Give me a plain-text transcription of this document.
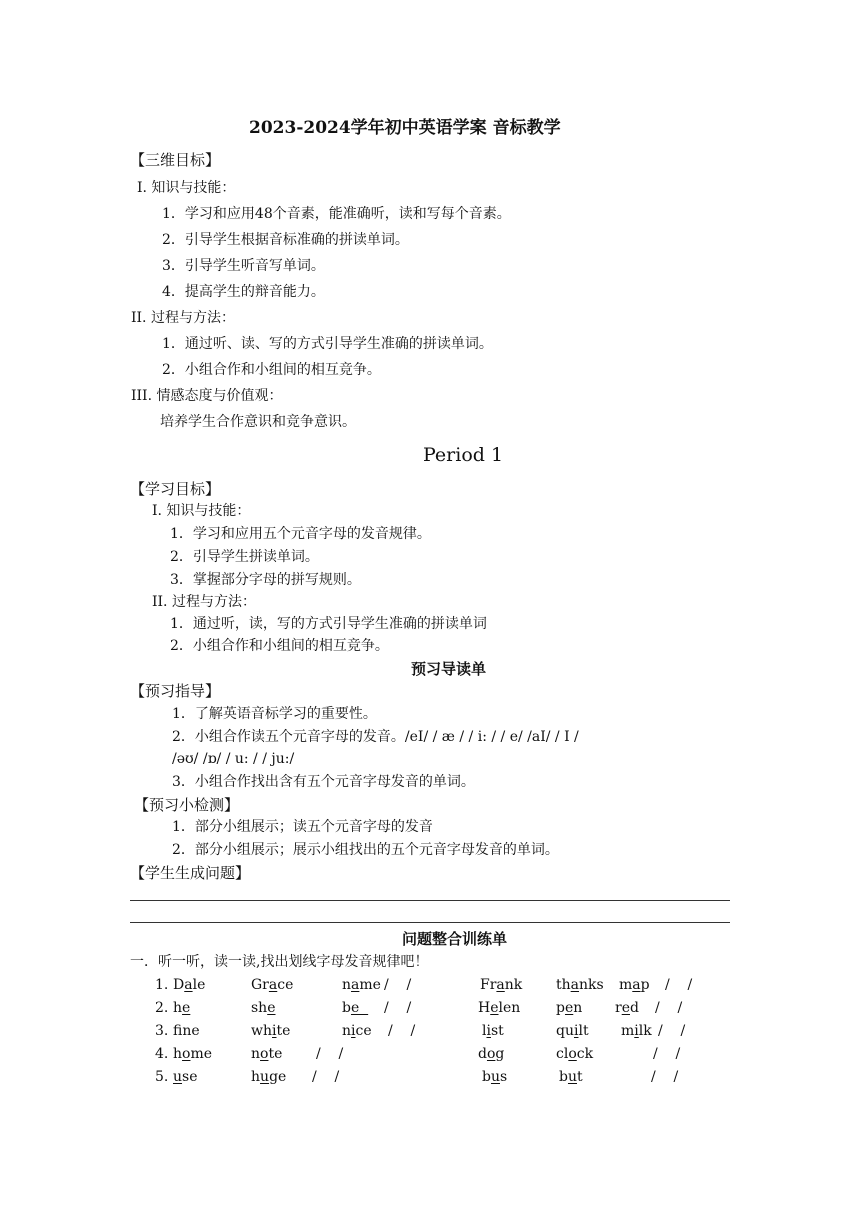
2023-2024学年初中英语学案 音标教学
【三维目标】
I. 知识与技能：
1．学习和应用48个音素，能准确听，读和写每个音素。
2．引导学生根据音标准确的拼读单词。
3．引导学生听音写单词。
4．提高学生的辩音能力。
II. 过程与方法：
1．通过听、读、写的方式引导学生准确的拼读单词。
2．小组合作和小组间的相互竞争。
III. 情感态度与价值观：
培养学生合作意识和竞争意识。
Period 1
【学习目标】
I. 知识与技能：
1．学习和应用五个元音字母的发音规律。
2．引导学生拼读单词。
3．掌握部分字母的拼写规则。
II. 过程与方法：
1．通过听，读，写的方式引导学生准确的拼读单词
2．小组合作和小组间的相互竞争。
预习导读单
【预习指导】
1．了解英语音标学习的重要性。
2．小组合作读五个元音字母的发音。/eI/ / æ / / i: / / e/ /aI/ / I /
/əʊ/ /ɒ/ / u: / / ju:/
3．小组合作找出含有五个元音字母发音的单词。
【预习小检测】
1．部分小组展示；读五个元音字母的发音
2．部分小组展示；展示小组找出的五个元音字母发音的单词。
【学生生成问题】
问题整合训练单
一．听一听，读一读,找出划线字母发音规律吧！
1. Dale	Grace	name /    /	Frank thanks map /    /
2. he	she	be /    /	Helen	pen red /    /
3. fne	white	nice /    /	list	quilt milk /    /
4. home	note /    /	dog	clock	/    /
5. use	huge /    /	bus	but	/    /
